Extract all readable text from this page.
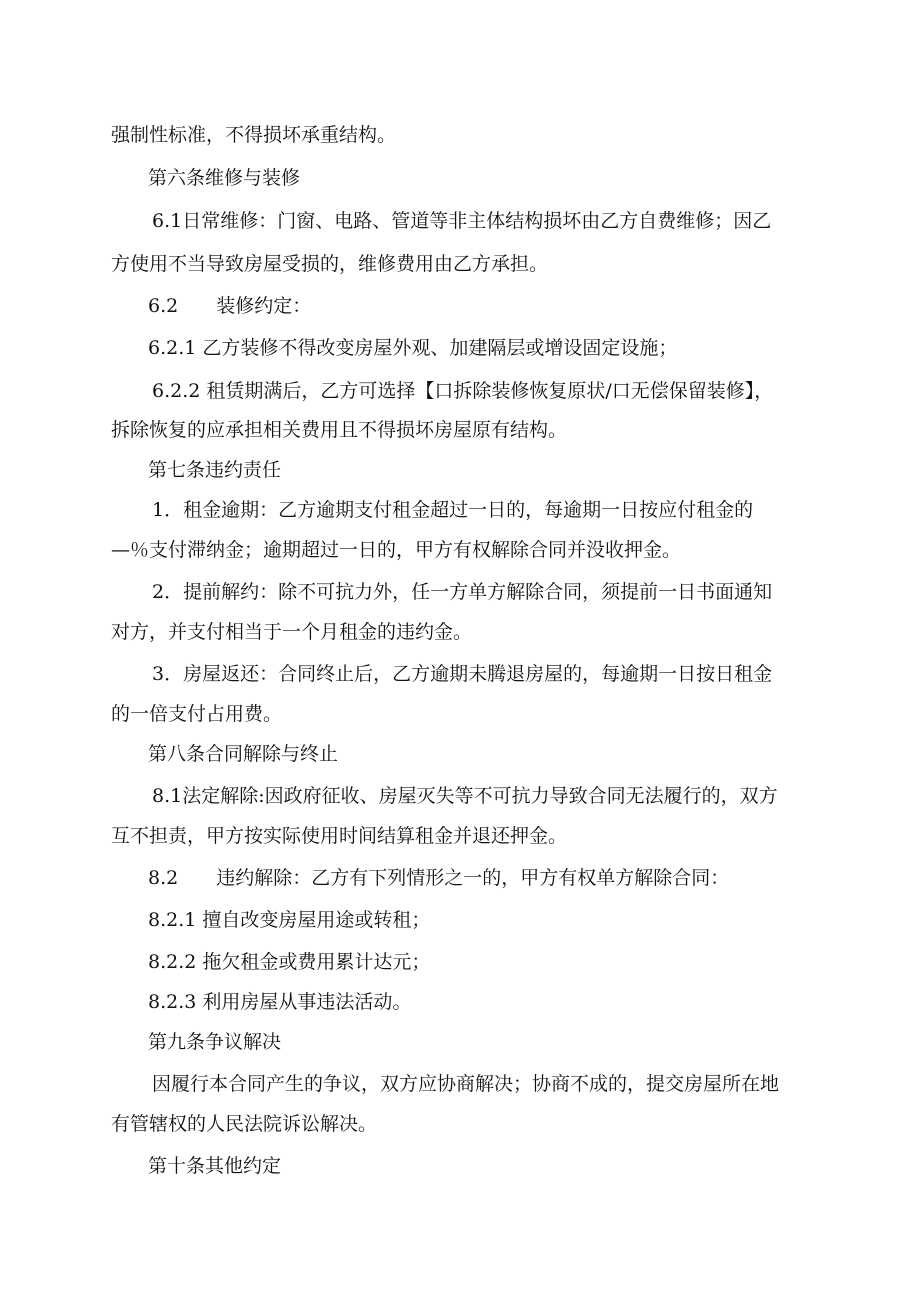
强制性标准，不得损坏承重结构。
第六条维修与装修
6.1日常维修：门窗、电路、管道等非主体结构损坏由乙方自费维修；因乙
方使用不当导致房屋受损的，维修费用由乙方承担。
6.2　　装修约定：
6.2.1 乙方装修不得改变房屋外观、加建隔层或增设固定设施；
6.2.2 租赁期满后，乙方可选择【口拆除装修恢复原状/口无偿保留装修】，
拆除恢复的应承担相关费用且不得损坏房屋原有结构。
第七条违约责任
1．租金逾期：乙方逾期支付租金超过一日的，每逾期一日按应付租金的
—％支付滞纳金；逾期超过一日的，甲方有权解除合同并没收押金。
2．提前解约：除不可抗力外，任一方单方解除合同，须提前一日书面通知
对方，并支付相当于一个月租金的违约金。
3．房屋返还：合同终止后，乙方逾期未腾退房屋的，每逾期一日按日租金
的一倍支付占用费。
第八条合同解除与终止
8.1法定解除:因政府征收、房屋灭失等不可抗力导致合同无法履行的，双方
互不担责，甲方按实际使用时间结算租金并退还押金。
8.2　　违约解除：乙方有下列情形之一的，甲方有权单方解除合同：
8.2.1 擅自改变房屋用途或转租；
8.2.2 拖欠租金或费用累计达元；
8.2.3 利用房屋从事违法活动。
第九条争议解决
因履行本合同产生的争议，双方应协商解决；协商不成的，提交房屋所在地
有管辖权的人民法院诉讼解决。
第十条其他约定
